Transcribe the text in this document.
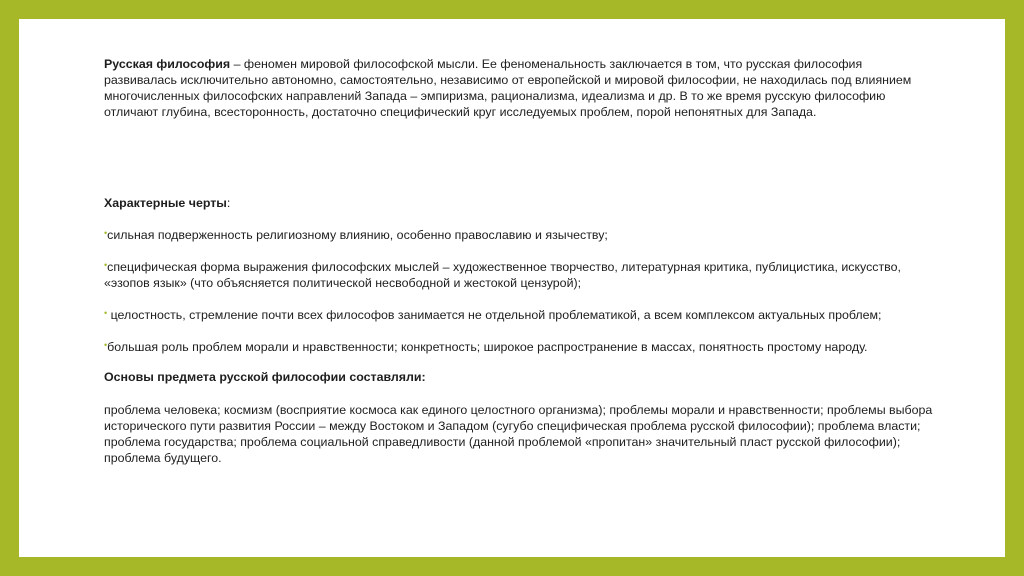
Русская философия – феномен мировой философской мысли. Ее феноменальность заключается в том, что русская философия развивалась исключительно автономно, самостоятельно, независимо от европейской и мировой философии, не находилась под влиянием многочисленных философских направлений Запада – эмпиризма, рационализма, идеализма и др. В то же время русскую философию отличают глубина, всесторонность, достаточно специфический круг исследуемых проблем, порой непонятных для Запада.

Характерные черты:

•сильная подверженность религиозному влиянию, особенно православию и язычеству;

•специфическая форма выражения философских мыслей – художественное творчество, литературная критика, публицистика, искусство, «эзопов язык» (что объясняется политической несвободной и жестокой цензурой);

• целостность, стремление почти всех философов занимается не отдельной проблематикой, а всем комплексом актуальных проблем;

•большая роль проблем морали и нравственности; конкретность; широкое распространение в массах, понятность простому народу.

Основы предмета русской философии составляли:

проблема человека; космизм (восприятие космоса как единого целостного организма); проблемы морали и нравственности; проблемы выбора исторического пути развития России – между Востоком и Западом (сугубо специфическая проблема русской философии); проблема власти; проблема государства; проблема социальной справедливости (данной проблемой «пропитан» значительный пласт русской философии); проблема будущего.
